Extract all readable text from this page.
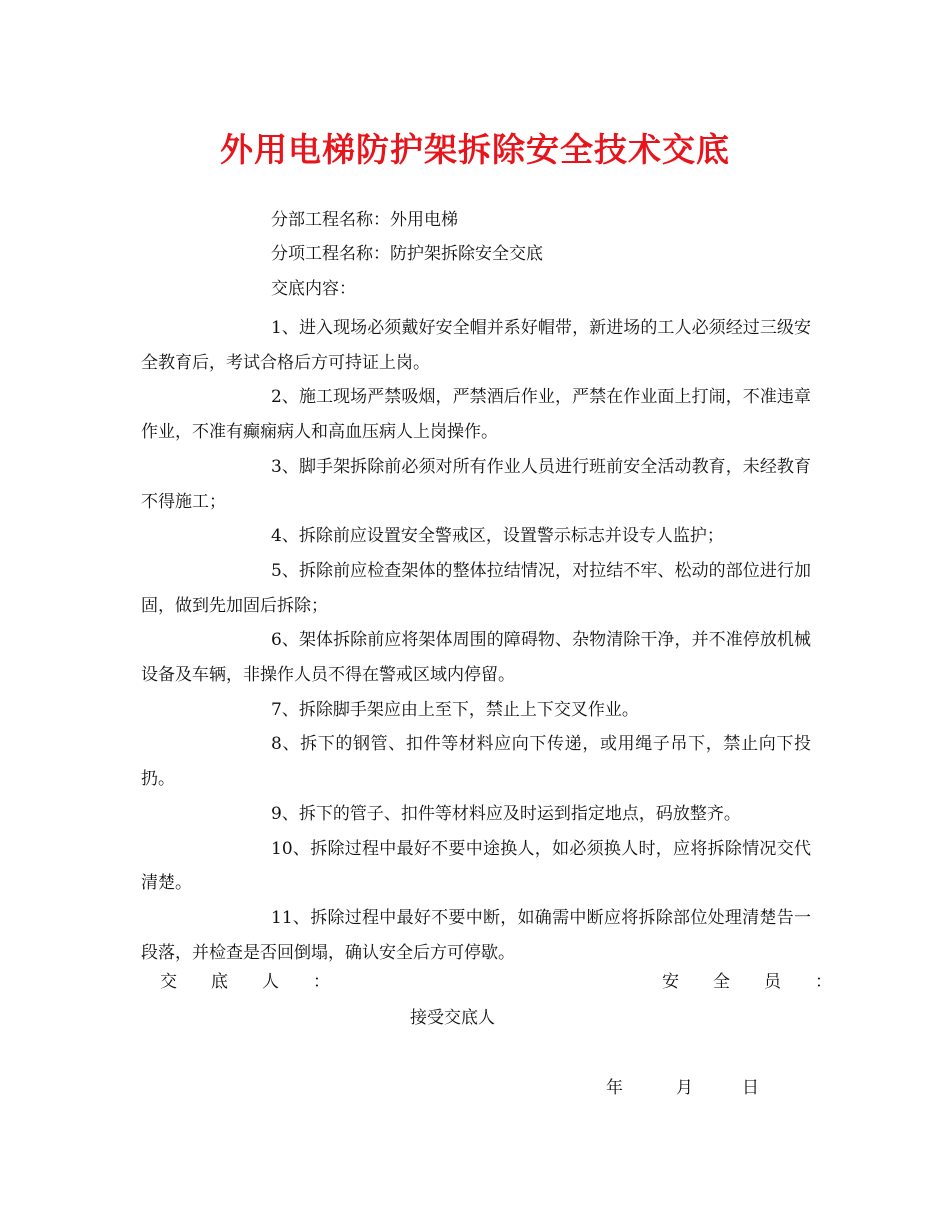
外用电梯防护架拆除安全技术交底
分部工程名称：外用电梯
分项工程名称：防护架拆除安全交底
交底内容：

1、进入现场必须戴好安全帽并系好帽带，新进场的工人必须经过三级安全教育后，考试合格后方可持证上岗。

2、施工现场严禁吸烟，严禁酒后作业，严禁在作业面上打闹，不准违章作业，不准有癫痫病人和高血压病人上岗操作。

3、脚手架拆除前必须对所有作业人员进行班前安全活动教育，未经教育不得施工；

4、拆除前应设置安全警戒区，设置警示标志并设专人监护；

5、拆除前应检查架体的整体拉结情况，对拉结不牢、松动的部位进行加固，做到先加固后拆除；

6、架体拆除前应将架体周围的障碍物、杂物清除干净，并不准停放机械设备及车辆，非操作人员不得在警戒区域内停留。

7、拆除脚手架应由上至下，禁止上下交叉作业。

8、拆下的钢管、扣件等材料应向下传递，或用绳子吊下，禁止向下投扔。

9、拆下的管子、扣件等材料应及时运到指定地点，码放整齐。

10、拆除过程中最好不要中途换人，如必须换人时，应将拆除情况交代清楚。

11、拆除过程中最好不要中断，如确需中断应将拆除部位处理清楚告一段落，并检查是否回倒塌，确认安全后方可停歇。

交　　底　　人　　：	安　　全　　员　　：
接受交底人
年	月	日
